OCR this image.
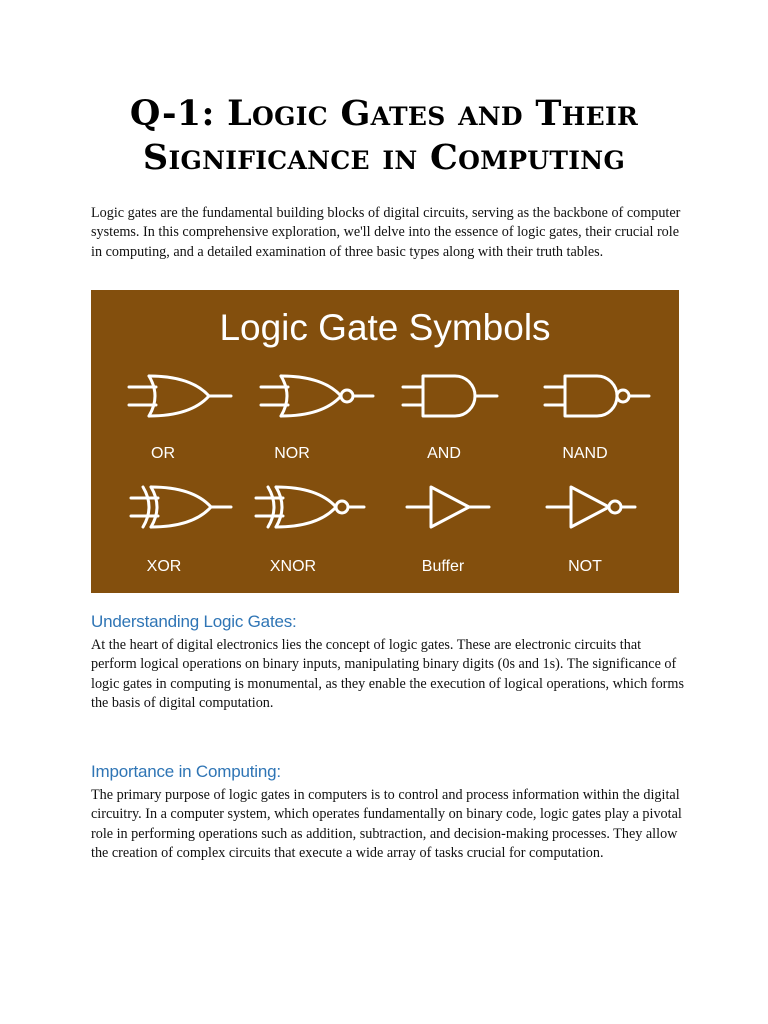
Q-1: Logic Gates and Their
Significance in Computing

Logic gates are the fundamental building blocks of digital circuits, serving as the backbone of computer systems. In this comprehensive exploration, we'll delve into the essence of logic gates, their crucial role in computing, and a detailed examination of three basic types along with their truth tables.

Logic Gate Symbols
OR	NOR	AND	NAND
XOR	XNOR	Buffer	NOT
Understanding Logic Gates:

At the heart of digital electronics lies the concept of logic gates. These are electronic circuits that perform logical operations on binary inputs, manipulating binary digits (0s and 1s). The significance of logic gates in computing is monumental, as they enable the execution of logical operations, which forms the basis of digital computation.

Importance in Computing:

The primary purpose of logic gates in computers is to control and process information within the digital circuitry. In a computer system, which operates fundamentally on binary code, logic gates play a pivotal role in performing operations such as addition, subtraction, and decision-making processes. They allow the creation of complex circuits that execute a wide array of tasks crucial for computation.
